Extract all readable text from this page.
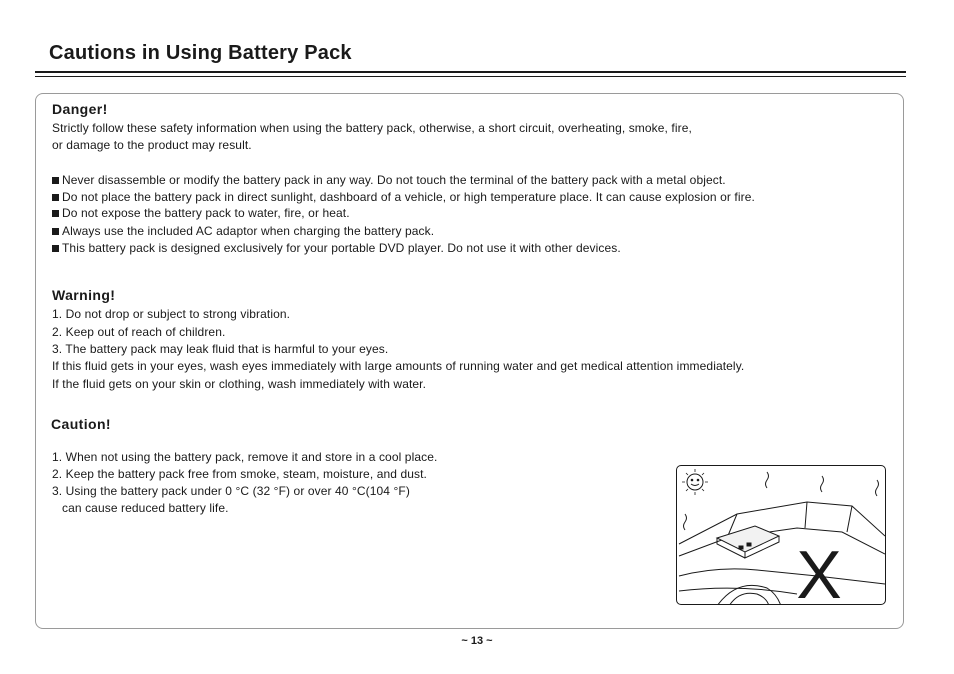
Cautions in Using Battery Pack
Danger!
Strictly follow these safety information when using the battery pack, otherwise, a short circuit, overheating, smoke, fire,
or damage to the product may result.
Never disassemble or modify the battery pack in any way. Do not touch the terminal of the battery pack with a metal object.
Do not place the battery pack in direct sunlight, dashboard of a vehicle, or high temperature place. It can cause explosion or fire.
Do not expose the battery pack to water, fire, or heat.
Always use the included AC adaptor when charging the battery pack.
This battery pack is designed exclusively for your portable DVD player. Do not use it with other devices.
Warning!
1. Do not drop or subject to strong vibration.
2. Keep out of reach of children.
3. The battery pack may leak fluid that is harmful to your eyes.
If this fluid gets in your eyes, wash eyes immediately with large amounts of running water and get medical attention immediately.
If the fluid gets on your skin or clothing, wash immediately with water.
Caution!
1. When not using the battery pack, remove it and store in a cool place.
2. Keep the battery pack free from smoke, steam, moisture, and dust.
3. Using the battery pack under 0 °C (32 °F) or over 40 °C(104 °F)
can cause reduced battery life.
X
~ 13 ~
